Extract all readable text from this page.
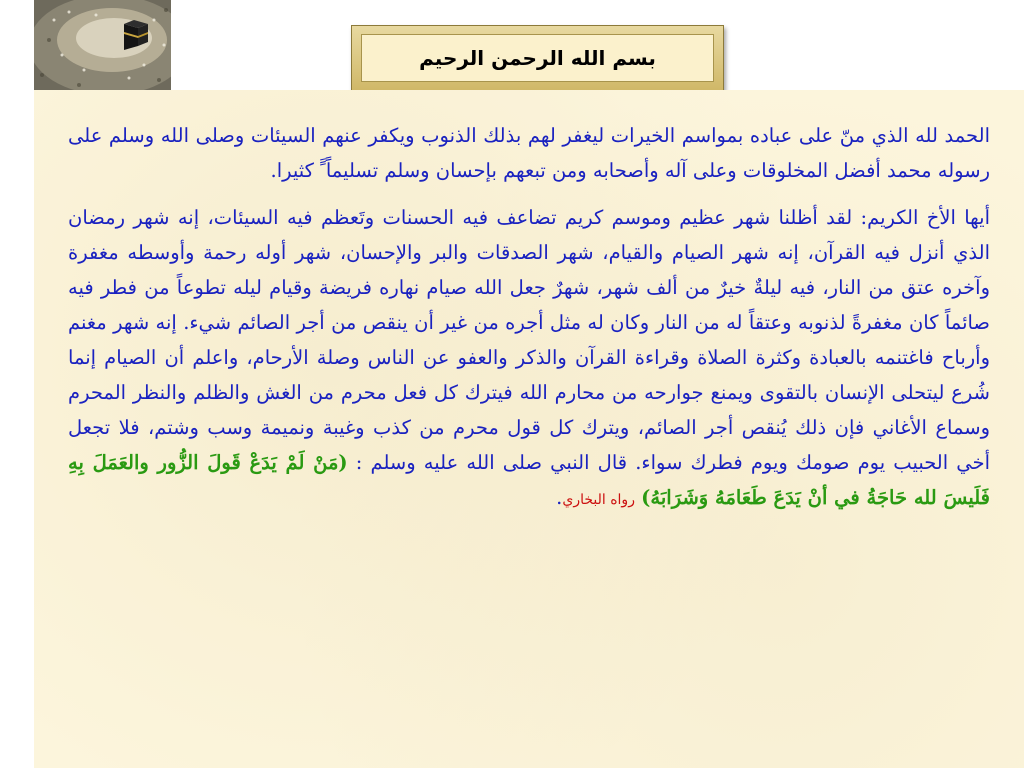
بسم الله الرحمن الرحيم

الحمد لله الذي منّ على عباده بمواسم الخيرات ليغفر لهم بذلك الذنوب ويكفر عنهم السيئات وصلى الله وسلم على رسوله محمد أفضل المخلوقات وعلى آله وأصحابه ومن تبعهم بإحسان وسلم تسليماًَ ًَ كثيرا.

أيها الأخ الكريم: لقد أظلنا شهر عظيم وموسم كريم تضاعف فيه الحسنات وتَعظم فيه السيئات، إنه شهر رمضان الذي أنزل فيه القرآن، إنه شهر الصيام والقيام، شهر الصدقات والبر والإحسان، شهر أوله رحمة وأوسطه مغفرة وآخره عتق من النار، فيه ليلةٌ خيرٌ من ألف شهر، شهرٌ جعل الله صيام نهاره فريضة وقيام ليله تطوعاً من فطر فيه صائماً كان مغفرةً لذنوبه وعتقاً له من النار وكان له مثل أجره من غير أن ينقص من أجر الصائم شيء. إنه شهر مغنم وأرباح فاغتنمه بالعبادة وكثرة الصلاة وقراءة القرآن والذكر والعفو عن الناس وصلة الأرحام، واعلم أن الصيام إنما شُرع ليتحلى الإنسان بالتقوى ويمنع جوارحه من محارم الله فيترك كل فعل محرم من الغش والظلم والنظر المحرم وسماع الأغاني فإن ذلك يُنقص أجر الصائم، ويترك كل قول محرم من كذب وغيبة ونميمة وسب وشتم، فلا تجعل أخي الحبيب يوم صومك ويوم فطرك سواء. قال النبي صلى الله عليه وسلم : (مَنْ لَمْ يَدَعْ قَولَ الزُّور والعَمَلَ بِهِ فَلَيسَ لله حَاجَةُ في أنْ يَدَعَ طَعَامَهُ وَشَرَابَهُ) رواه البخاري.
